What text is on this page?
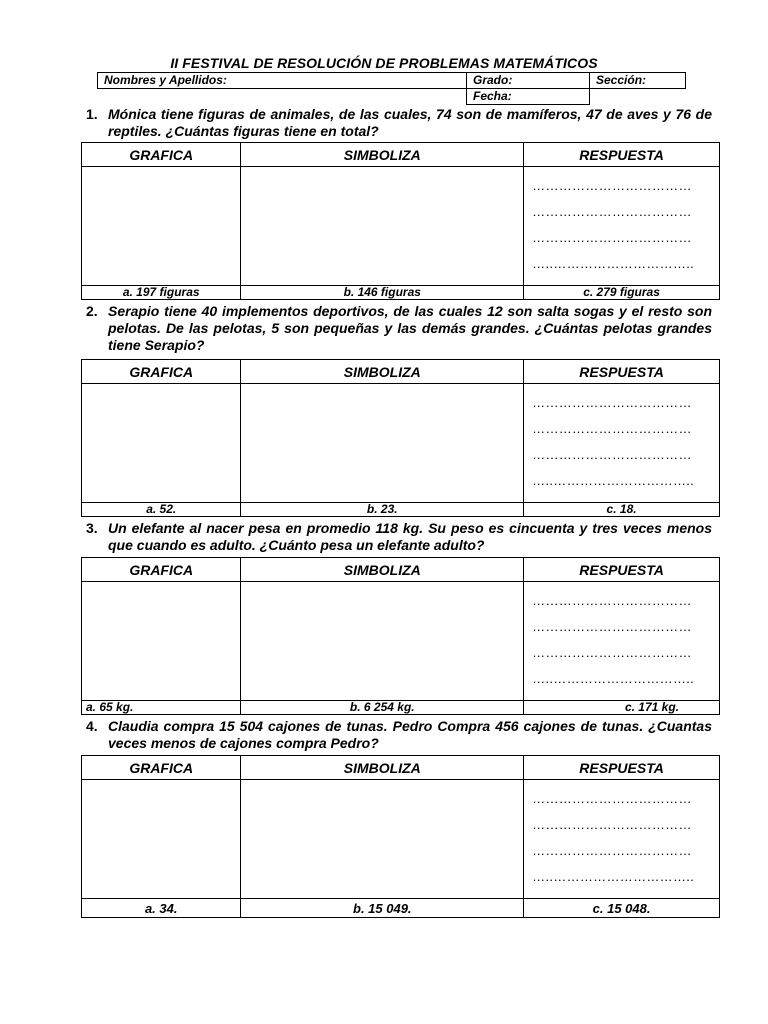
II FESTIVAL DE RESOLUCIÓN DE PROBLEMAS MATEMÁTICOS
Nombres y Apellidos:	Grado:	Sección:
	Fecha:	
1. Mónica tiene figuras de animales, de las cuales, 74 son de mamíferos, 47 de aves y 76 de reptiles. ¿Cuántas figuras tiene en total?
GRAFICA	SIMBOLIZA	RESPUESTA

		………………………………
………………………………
………………………………
…..…………………………..

a. 197 figuras	b. 146 figuras	c. 279 figuras
2. Serapio tiene 40 implementos deportivos, de las cuales 12 son salta sogas y el resto son pelotas. De las pelotas, 5 son pequeñas y las demás grandes. ¿Cuántas pelotas grandes tiene Serapio?
GRAFICA	SIMBOLIZA	RESPUESTA

		………………………………
………………………………
………………………………
…..…………………………..

a. 52.	b. 23.	c. 18.
3. Un elefante al nacer pesa en promedio 118 kg. Su peso es cincuenta y tres veces menos que cuando es adulto. ¿Cuánto pesa un elefante adulto?
GRAFICA	SIMBOLIZA	RESPUESTA

		………………………………
………………………………
………………………………
…..…………………………..

a. 65 kg.	b. 6 254 kg.	c. 171 kg.
4. Claudia compra 15 504 cajones de tunas. Pedro Compra 456 cajones de tunas. ¿Cuantas veces menos de cajones compra Pedro?
GRAFICA	SIMBOLIZA	RESPUESTA

		………………………………
………………………………
………………………………
…..…………………………..

a. 34.	b. 15 049.	c. 15 048.
